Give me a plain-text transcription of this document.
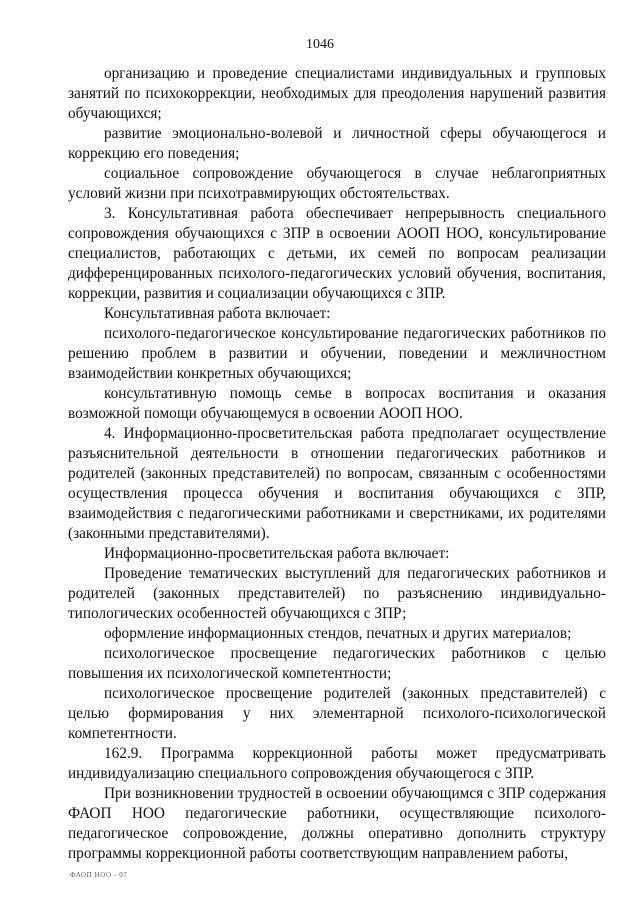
1046

организацию и проведение специалистами индивидуальных и групповых занятий по психокоррекции, необходимых для преодоления нарушений развития обучающихся;

развитие эмоционально-волевой и личностной сферы обучающегося и коррекцию его поведения;

социальное сопровождение обучающегося в случае неблагоприятных условий жизни при психотравмирующих обстоятельствах.

3. Консультативная работа обеспечивает непрерывность специального сопровождения обучающихся с ЗПР в освоении АООП НОО, консультирование специалистов, работающих с детьми, их семей по вопросам реализации дифференцированных психолого-педагогических условий обучения, воспитания, коррекции, развития и социализации обучающихся с ЗПР.

Консультативная работа включает:

психолого-педагогическое консультирование педагогических работников по решению проблем в развитии и обучении, поведении и межличностном взаимодействии конкретных обучающихся;

консультативную помощь семье в вопросах воспитания и оказания возможной помощи обучающемуся в освоении АООП НОО.

4. Информационно-просветительская работа предполагает осуществление разъяснительной деятельности в отношении педагогических работников и родителей (законных представителей) по вопросам, связанным с особенностями осуществления процесса обучения и воспитания обучающихся с ЗПР, взаимодействия с педагогическими работниками и сверстниками, их родителями (законными представителями).

Информационно-просветительская работа включает:

Проведение тематических выступлений для педагогических работников и родителей (законных представителей) по разъяснению индивидуально-типологических особенностей обучающихся с ЗПР;

оформление информационных стендов, печатных и других материалов;

психологическое просвещение педагогических работников с целью повышения их психологической компетентности;

психологическое просвещение родителей (законных представителей) с целью формирования у них элементарной психолого-психологической компетентности.

162.9. Программа коррекционной работы может предусматривать индивидуализацию специального сопровождения обучающегося с ЗПР.

При возникновении трудностей в освоении обучающимся с ЗПР содержания ФАОП НОО педагогические работники, осуществляющие психолого-педагогическое сопровождение, должны оперативно дополнить структуру программы коррекционной работы соответствующим направлением работы,

ФАОП НОО - 07
